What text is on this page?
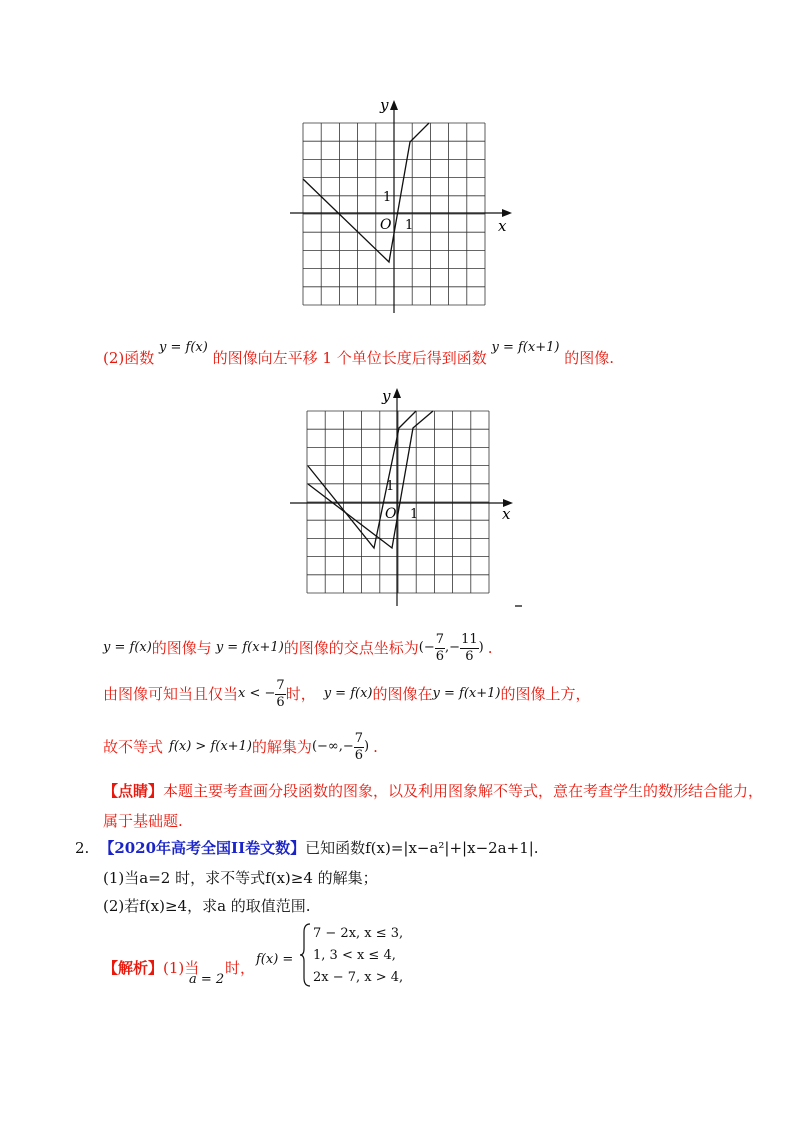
y
x
O 1
1
(2)函数 y = f(x) 的图像向左平移 1 个单位长度后得到函数 y = f(x+1) 的图像.
y
x
O 1
1
y = f(x) 的图像与 y = f(x+1) 的图像的交点坐标为 (− $\frac{7}{6}$ ,− $\frac{11}{6}$ ) .
由图像可知当且仅当 x < − $\frac{7}{6}$ 时， y = f(x) 的图像在 y = f(x+1) 的图像上方，
故不等式 f(x) > f(x+1) 的解集为 (−∞,− $\frac{7}{6}$ ) .
【点睛】本题主要考查画分段函数的图象，以及利用图象解不等式，意在考查学生的数形结合能力，
属于基础题.
2. 【2020年高考全国II卷文数】已知函数f(x)=|x−a²|+|x−2a+1|.
(1)当a=2 时，求不等式f(x)≥4 的解集；
(2)若f(x)≥4，求a 的取值范围.
【解析】 (1)当
a = 2
时， f(x) =
7 − 2x, x ≤ 3,
1, 3 < x ≤ 4,
2x − 7, x > 4,
